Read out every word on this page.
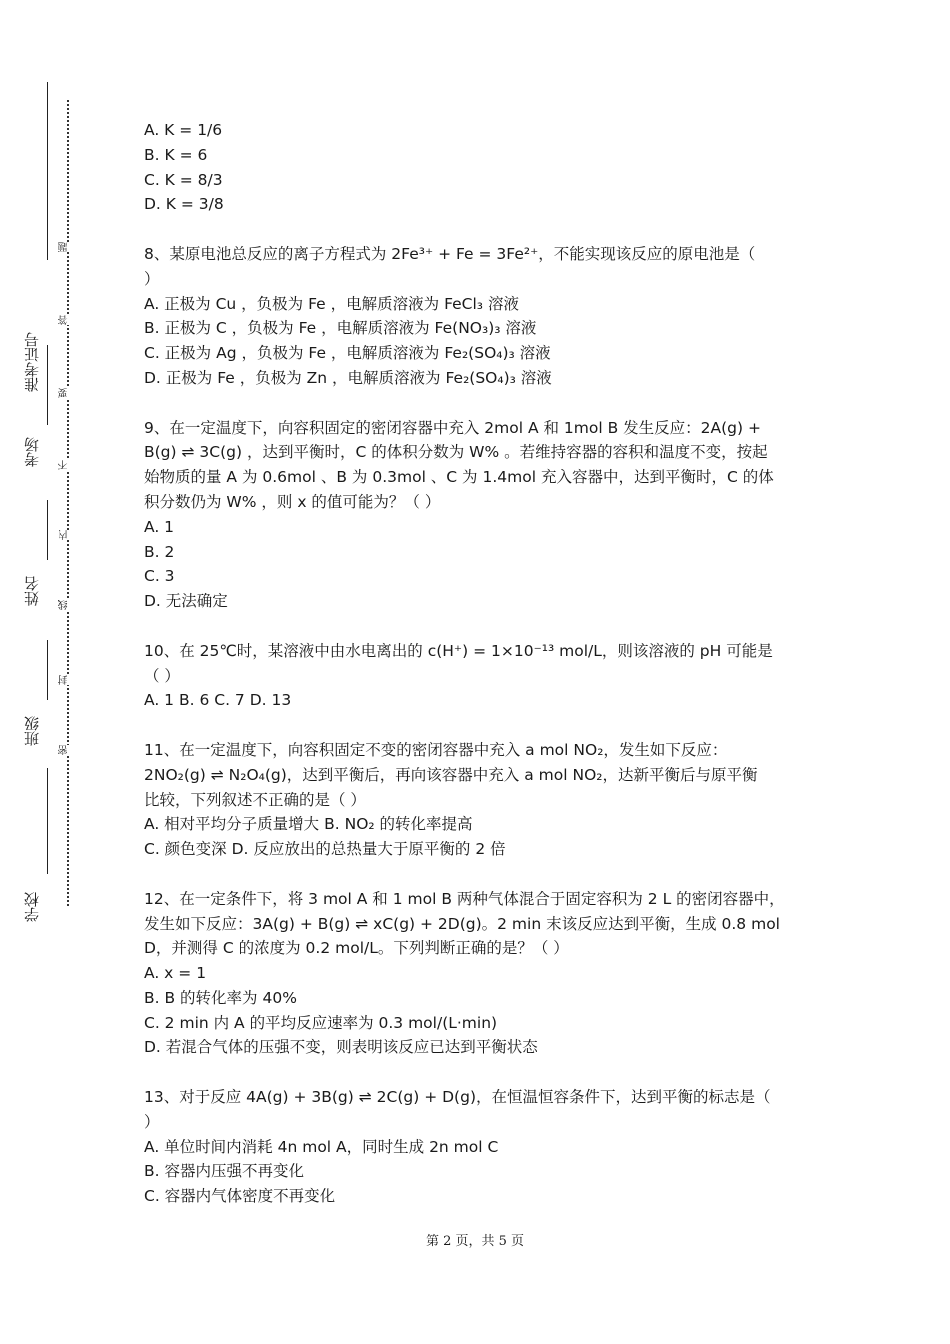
准考证号
考场
姓名
班级
学校
题
答
要
不
内
线
封
密
A. K = 1/6
B. K = 6
C. K = 8/3
D. K = 3/8
8、某原电池总反应的离子方程式为 2Fe³⁺ + Fe = 3Fe²⁺，不能实现该反应的原电池是（
）
A. 正极为 Cu ，负极为 Fe ，电解质溶液为 FeCl₃ 溶液
B. 正极为 C ，负极为 Fe ，电解质溶液为 Fe(NO₃)₃ 溶液
C. 正极为 Ag ，负极为 Fe ，电解质溶液为 Fe₂(SO₄)₃ 溶液
D. 正极为 Fe ，负极为 Zn ，电解质溶液为 Fe₂(SO₄)₃ 溶液
9、在一定温度下，向容积固定的密闭容器中充入 2mol A 和 1mol B 发生反应：2A(g) +
B(g) ⇌ 3C(g) ，达到平衡时，C 的体积分数为 W% 。若维持容器的容积和温度不变，按起
始物质的量 A 为 0.6mol 、B 为 0.3mol 、C 为 1.4mol 充入容器中，达到平衡时，C 的体
积分数仍为 W% ，则 x 的值可能为？（ ）
A. 1
B. 2
C. 3
D. 无法确定
10、在 25℃时，某溶液中由水电离出的 c(H⁺) = 1×10⁻¹³ mol/L，则该溶液的 pH 可能是
（ ）
A. 1 B. 6 C. 7 D. 13
11、在一定温度下，向容积固定不变的密闭容器中充入 a mol NO₂，发生如下反应：
2NO₂(g) ⇌ N₂O₄(g)，达到平衡后，再向该容器中充入 a mol NO₂，达新平衡后与原平衡
比较，下列叙述不正确的是（ ）
A. 相对平均分子质量增大 B. NO₂ 的转化率提高
C. 颜色变深 D. 反应放出的总热量大于原平衡的 2 倍
12、在一定条件下，将 3 mol A 和 1 mol B 两种气体混合于固定容积为 2 L 的密闭容器中，
发生如下反应：3A(g) + B(g) ⇌ xC(g) + 2D(g)。2 min 末该反应达到平衡，生成 0.8 mol
D，并测得 C 的浓度为 0.2 mol/L。下列判断正确的是？（ ）
A. x = 1
B. B 的转化率为 40%
C. 2 min 内 A 的平均反应速率为 0.3 mol/(L·min)
D. 若混合气体的压强不变，则表明该反应已达到平衡状态
13、对于反应 4A(g) + 3B(g) ⇌ 2C(g) + D(g)，在恒温恒容条件下，达到平衡的标志是（
）
A. 单位时间内消耗 4n mol A，同时生成 2n mol C
B. 容器内压强不再变化
C. 容器内气体密度不再变化
第 2 页，共 5 页
